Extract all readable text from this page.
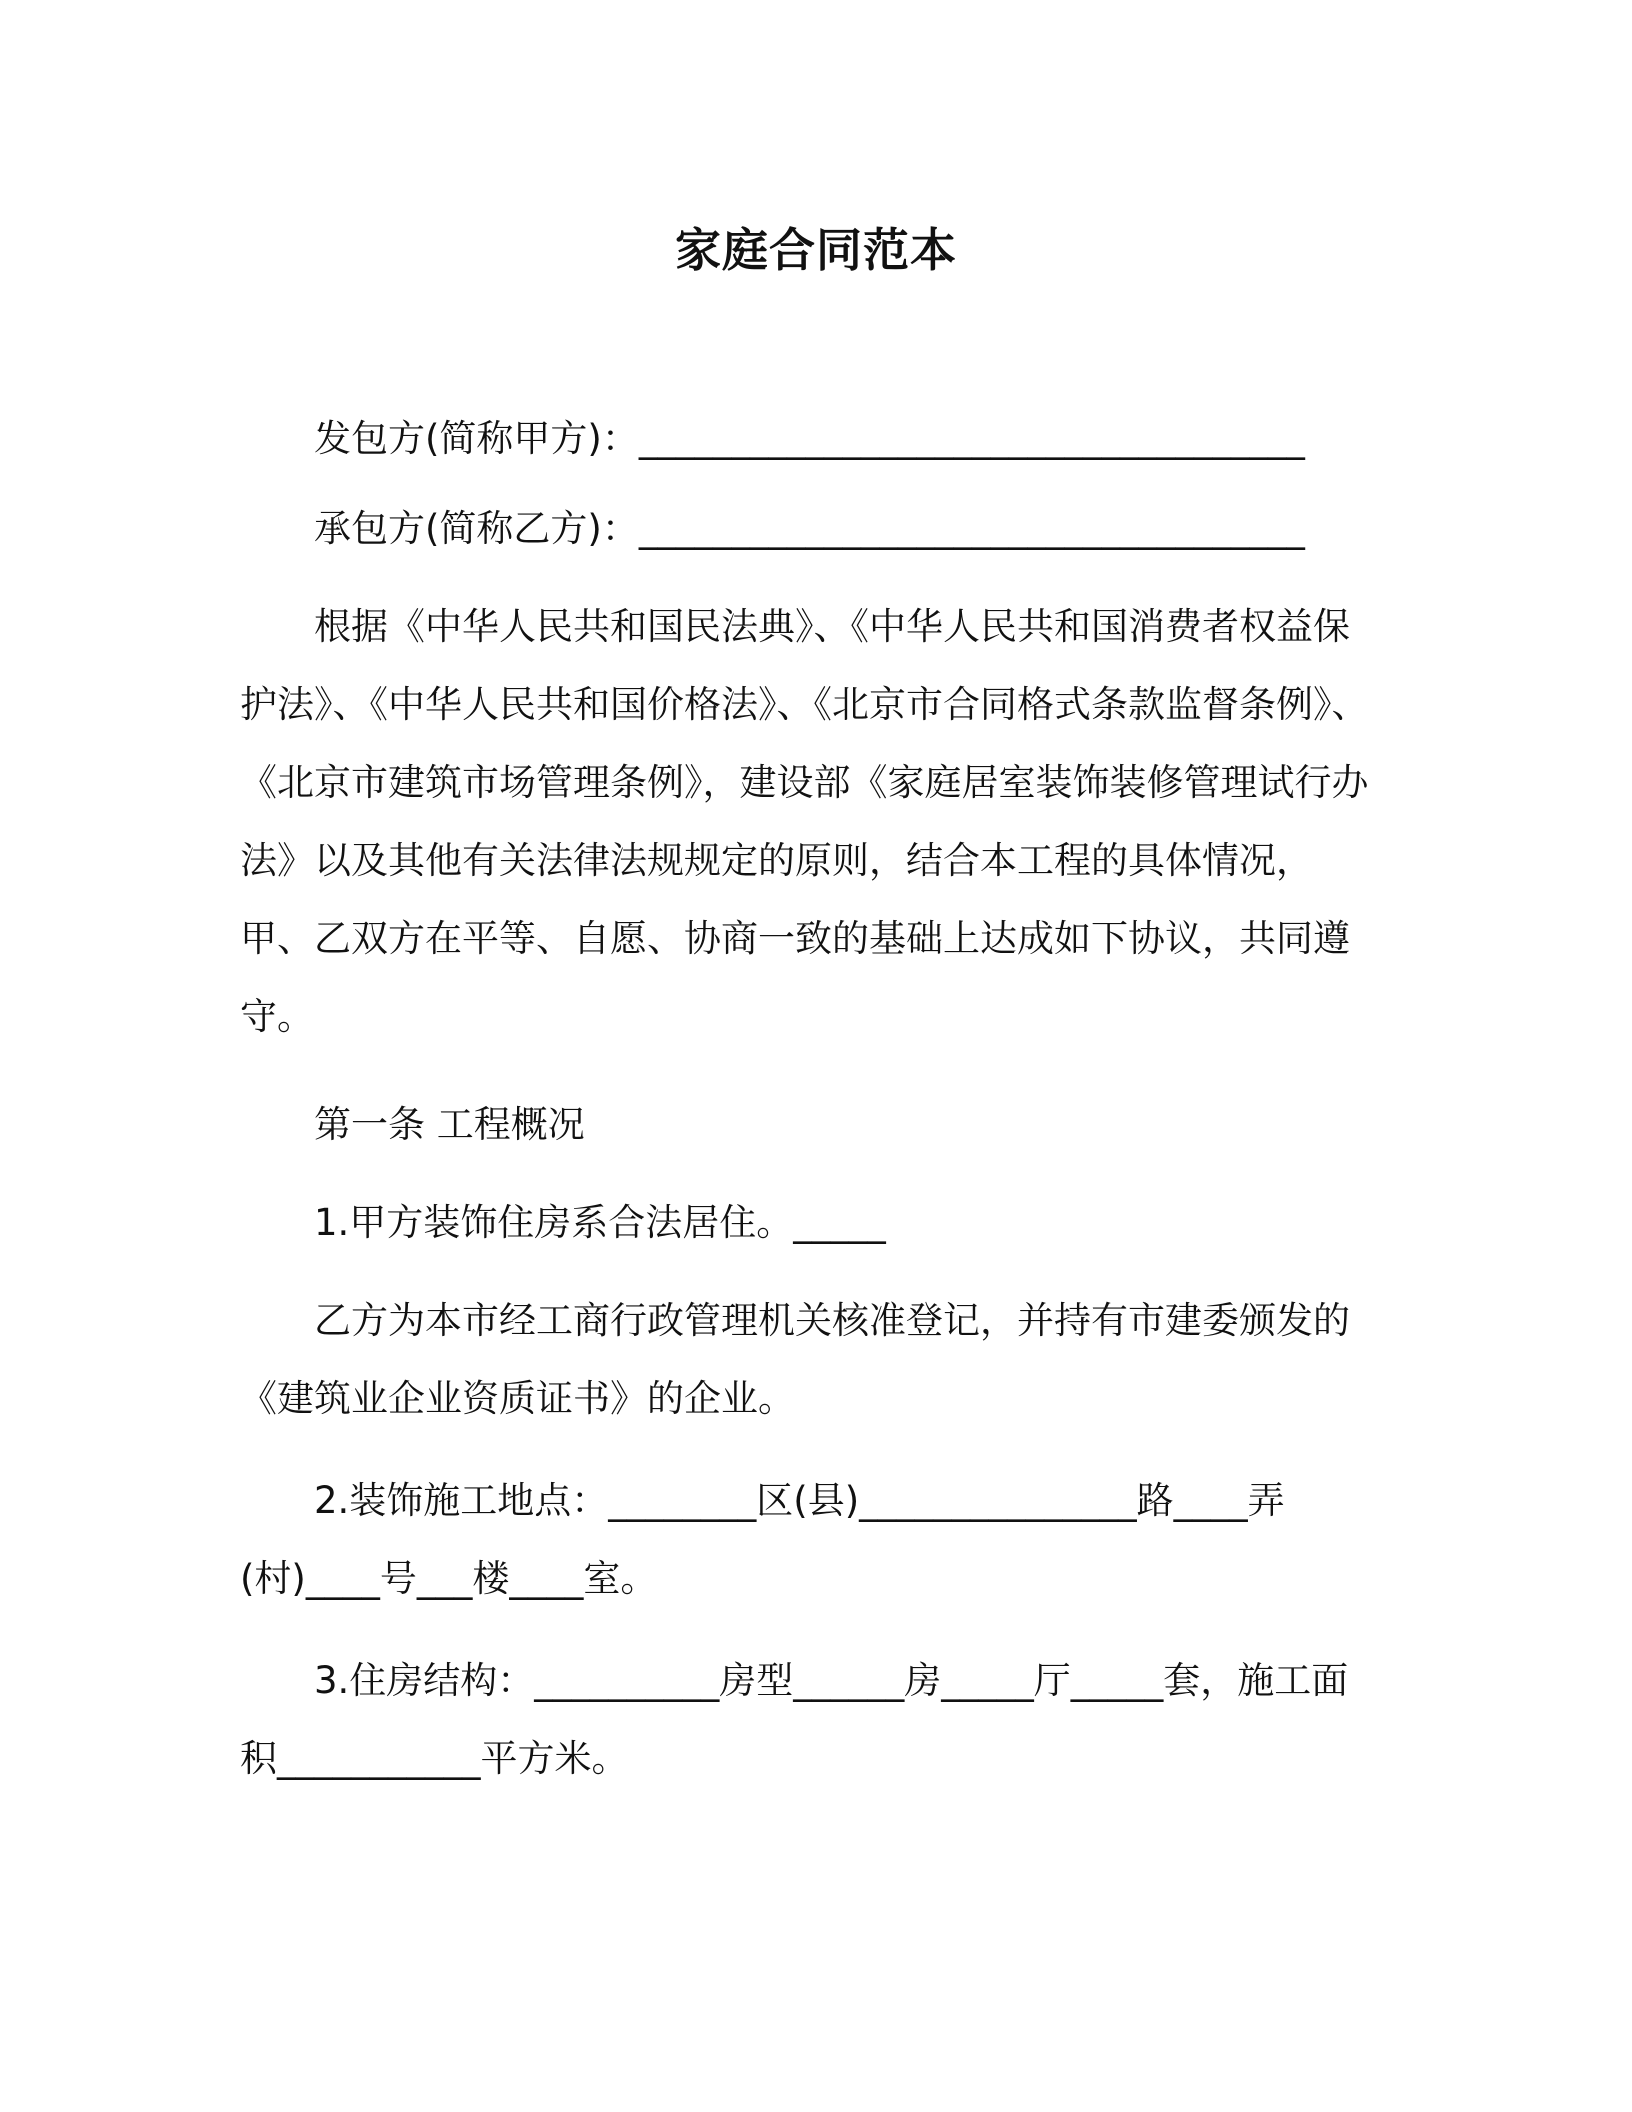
家庭合同范本

发包方(简称甲方)：____________________________________

承包方(简称乙方)：____________________________________

根据《中华人民共和国民法典》、《中华人民共和国消费者权益保护法》、《中华人民共和国价格法》、《北京市合同格式条款监督条例》、《北京市建筑市场管理条例》，建设部《家庭居室装饰装修管理试行办法》以及其他有关法律法规规定的原则，结合本工程的具体情况，甲、乙双方在平等、自愿、协商一致的基础上达成如下协议，共同遵守。

第一条 工程概况

1.甲方装饰住房系合法居住。_____

乙方为本市经工商行政管理机关核准登记，并持有市建委颁发的《建筑业企业资质证书》的企业。

2.装饰施工地点：________区(县)_______________路____弄(村)____号___楼____室。

3.住房结构：__________房型______房_____厅_____套，施工面积___________平方米。
